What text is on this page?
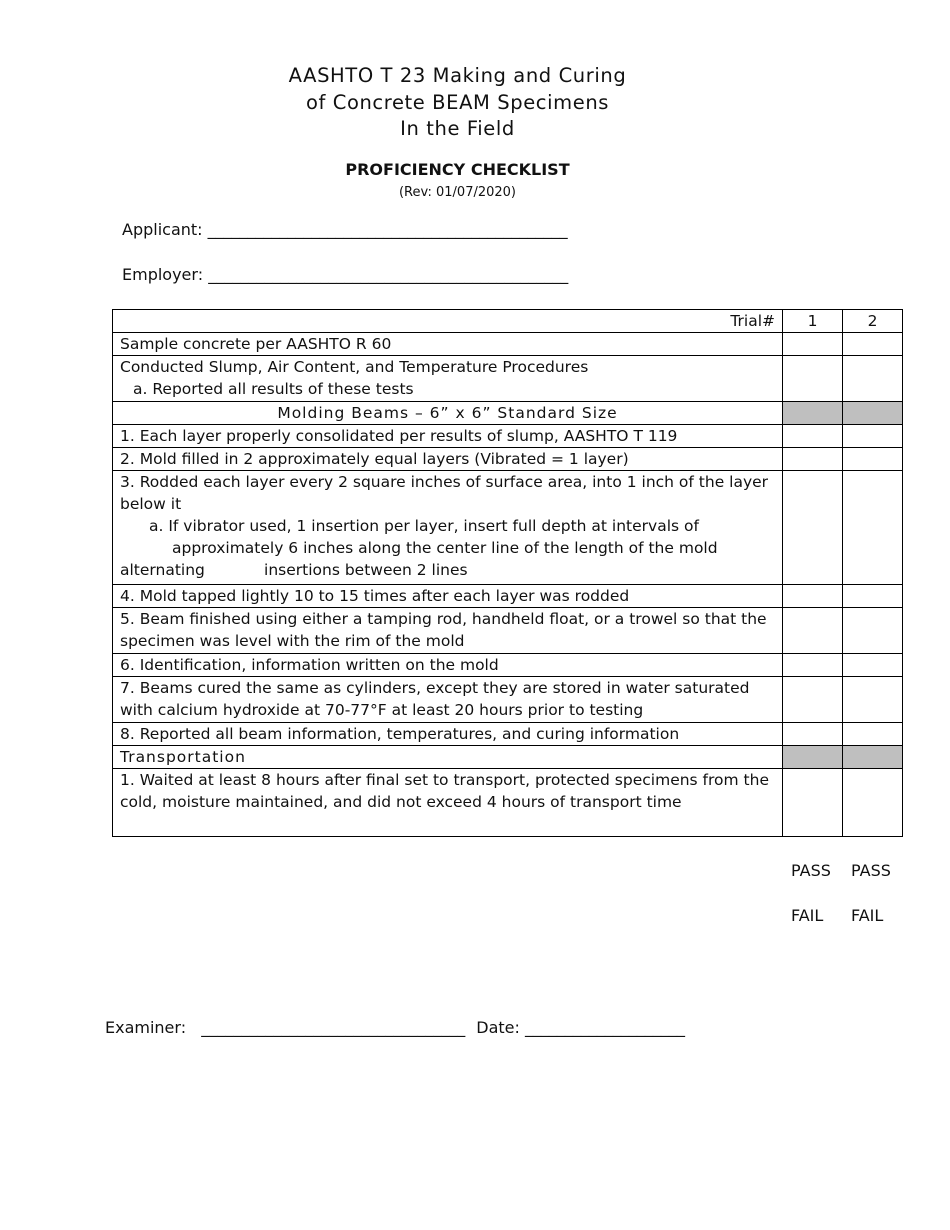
AASHTO T 23 Making and Curing
of Concrete BEAM Specimens
In the Field
PROFICIENCY CHECKLIST
(Rev: 01/07/2020)
Applicant: _____________________________________________
Employer: _____________________________________________
Trial#	1	2
Sample concrete per AASHTO R 60		

Conducted Slump, Air Content, and Temperature Procedures
a. Reported all results of these tests		

Molding Beams – 6” x 6” Standard Size		
1. Each layer properly consolidated per results of slump, AASHTO T 119		
2. Mold filled in 2 approximately equal layers (Vibrated = 1 layer)		

3. Rodded each layer every 2 square inches of surface area, into 1 inch of the layer below it
a. If vibrator used, 1 insertion per layer, insert full depth at intervals of
approximately 6 inches along the center line of the length of the mold
alternating            insertions between 2 lines		

4. Mold tapped lightly 10 to 15 times after each layer was rodded		
5. Beam finished using either a tamping rod, handheld float, or a trowel so that the specimen was level with the rim of the mold		
6. Identification, information written on the mold		
7. Beams cured the same as cylinders, except they are stored in water saturated with calcium hydroxide at 70-77°F at least 20 hours prior to testing		
8. Reported all beam information, temperatures, and curing information		
Transportation		
1. Waited at least 8 hours after final set to transport, protected specimens from the cold, moisture maintained, and did not exceed 4 hours of transport time		
PASS PASS
FAIL FAIL
Examiner: _________________________________ Date: ____________________
